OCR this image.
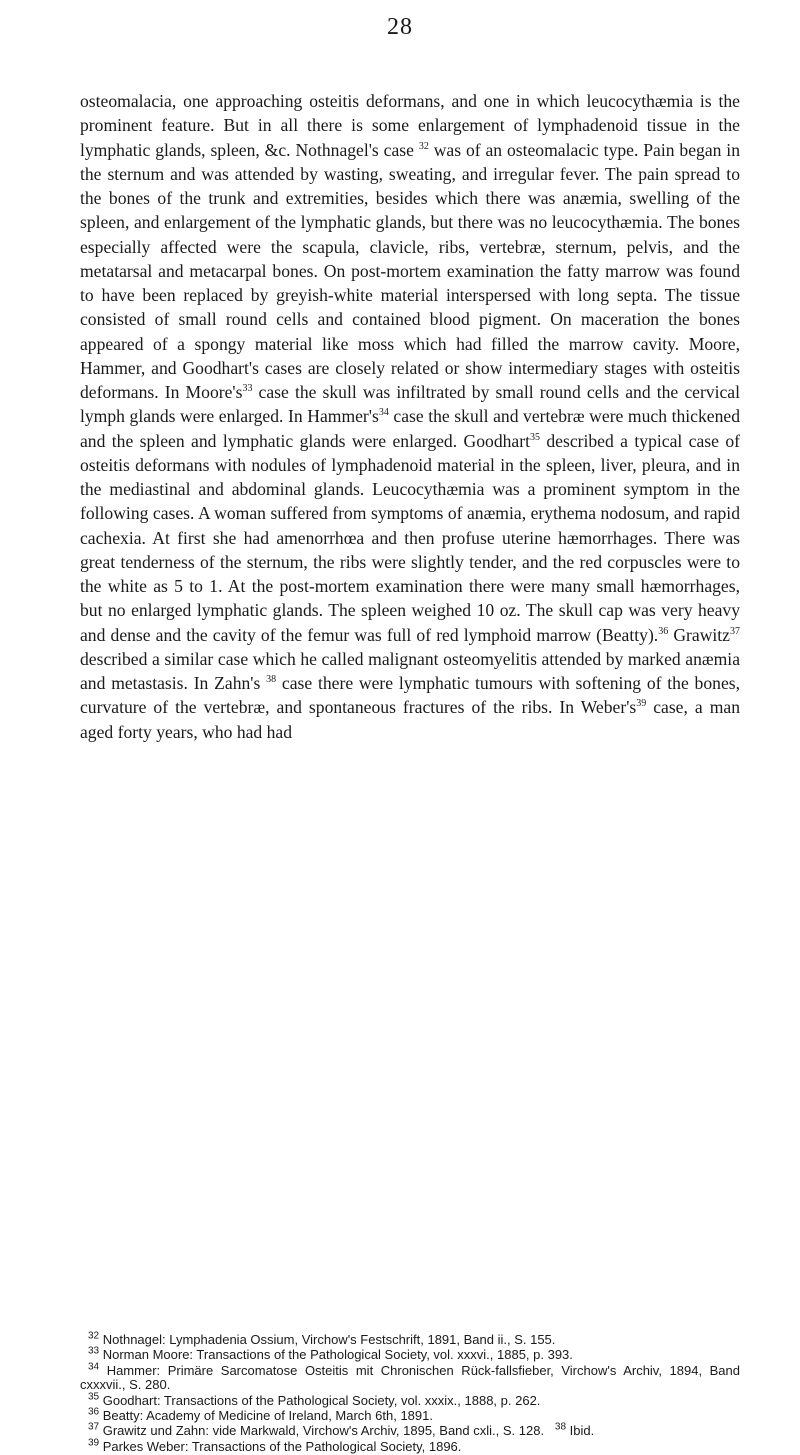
28

osteomalacia, one approaching osteitis deformans, and one in which leucocythæmia is the prominent feature. But in all there is some enlargement of lymphadenoid tissue in the lymphatic glands, spleen, &c. Nothnagel's case $^{32}$ was of an osteomalacic type. Pain began in the sternum and was attended by wasting, sweating, and irregular fever. The pain spread to the bones of the trunk and extremities, besides which there was anæmia, swelling of the spleen, and enlargement of the lymphatic glands, but there was no leucocythæmia. The bones especially affected were the scapula, clavicle, ribs, vertebræ, sternum, pelvis, and the metatarsal and metacarpal bones. On post-mortem examination the fatty marrow was found to have been replaced by greyish-white material interspersed with long septa. The tissue consisted of small round cells and contained blood pigment. On maceration the bones appeared of a spongy material like moss which had filled the marrow cavity. Moore, Hammer, and Goodhart's cases are closely related or show intermediary stages with osteitis deformans. In $Moore's^{33}$ case the skull was infiltrated by small round cells and the cervical lymph glands were enlarged. In $Hammer's^{34}$ case the skull and vertebræ were much thickened and the spleen and lymphatic glands were enlarged. Goodhart$^{35}$ described a typical case of osteitis deformans with nodules of lymphadenoid material in the spleen, liver, pleura, and in the mediastinal and abdominal glands. Leucocythæmia was a prominent symptom in the following cases. A woman suffered from symptoms of anæmia, erythema nodosum, and rapid cachexia. At first she had amenorrhœa and then profuse uterine hæmorrhages. There was great tenderness of the sternum, the ribs were slightly tender, and the red corpuscles were to the white as 5 to 1. At the post-mortem examination there were many small hæmorrhages, but no enlarged lymphatic glands. The spleen weighed 10 oz. The skull cap was very heavy and dense and the cavity of the femur was full of red lymphoid marrow (Beatty).$^{36}$ Grawitz$^{37}$ described a similar case which he called malignant osteomyelitis attended by marked anæmia and metastasis. In Zahn's $^{38}$ case there were lymphatic tumours with softening of the bones, curvature of the vertebræ, and spontaneous fractures of the ribs. In $Weber's^{39}$ case, a man aged forty years, who had had

$^{32}$ Nothnagel: Lymphadenia Ossium, Virchow's Festschrift, 1891, Band ii., S. 155.

$^{33}$ Norman Moore: Transactions of the Pathological Society, vol. xxxvi., 1885, p. 393.

$^{34}$ Hammer: Primäre Sarcomatose Osteitis mit Chronischen Rück-fallsfieber, Virchow's Archiv, 1894, Band cxxxvii., S. 280.

$^{35}$ Goodhart: Transactions of the Pathological Society, vol. xxxix., 1888, p. 262.

$^{36}$ Beatty: Academy of Medicine of Ireland, March 6th, 1891.

$^{37}$ Grawitz und Zahn: vide Markwald, Virchow's Archiv, 1895, Band cxli., S. 128. $^{38}$ Ibid.

$^{39}$ Parkes Weber: Transactions of the Pathological Society, 1896.
